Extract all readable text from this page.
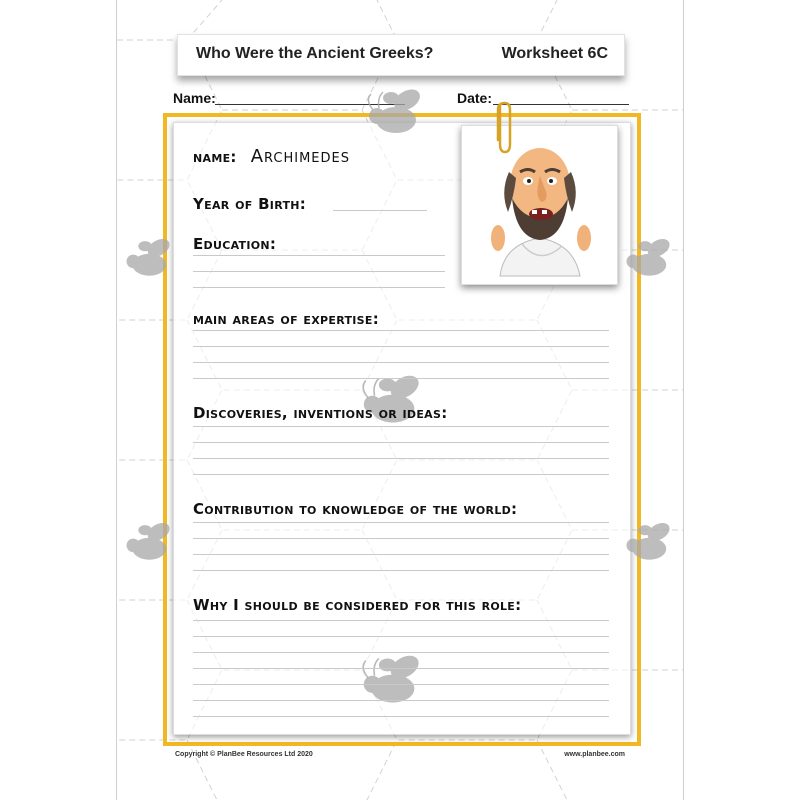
Who Were the Ancient Greeks?	Worksheet 6C
Name:	Date:
name: Archimedes
Year of Birth:
Education:
main areas of expertise:
Discoveries, inventions or ideas:
Contribution to knowledge of the world:
Why I should be considered for this role:
Copyright © PlanBee Resources Ltd 2020	www.planbee.com
